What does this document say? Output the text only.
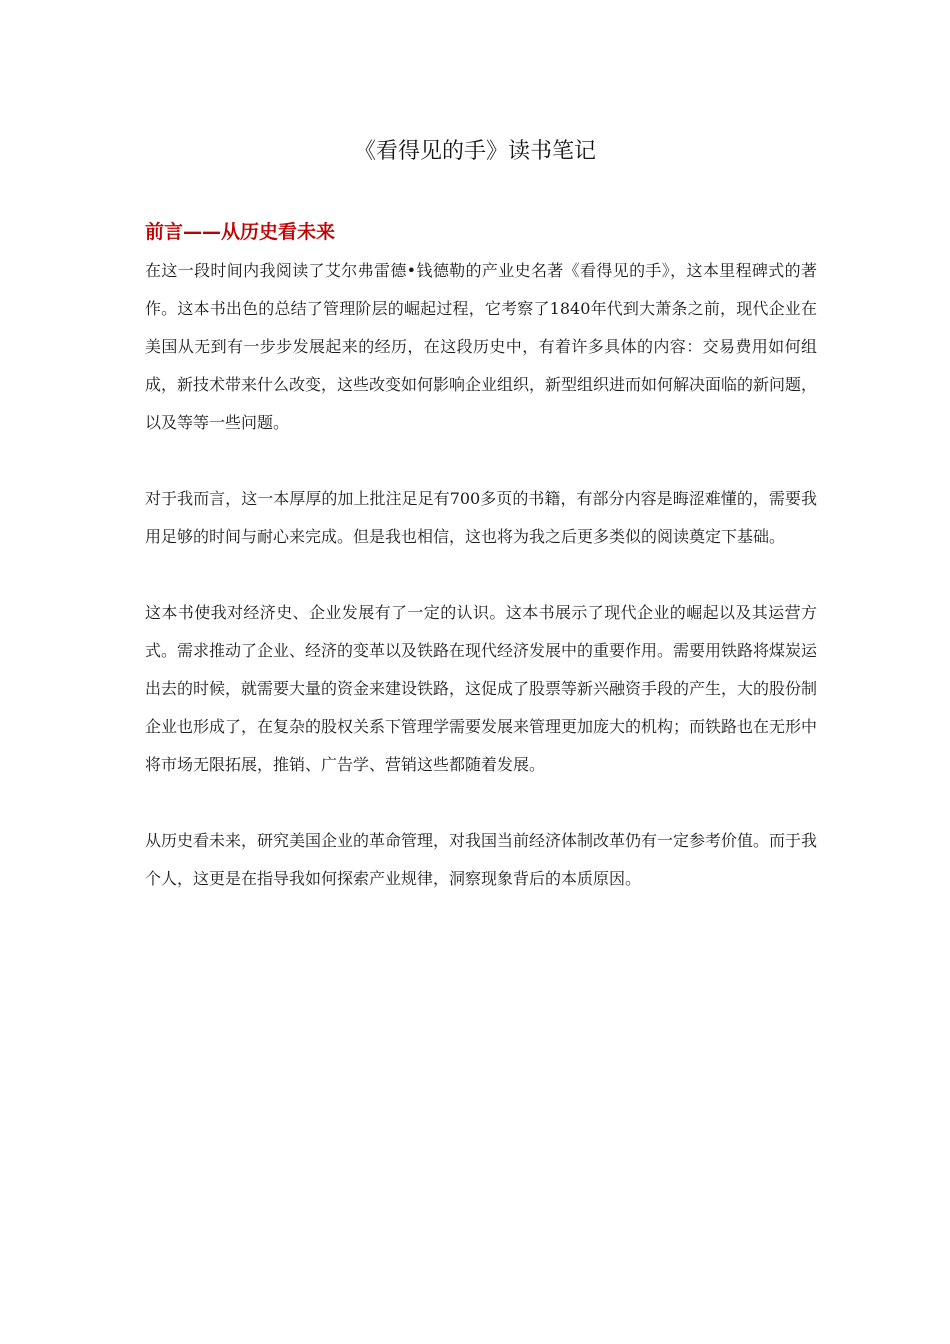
《看得见的手》读书笔记
前言——从历史看未来

在这一段时间内我阅读了艾尔弗雷德•钱德勒的产业史名著《看得见的手》，这本里程碑式的著作。这本书出色的总结了管理阶层的崛起过程，它考察了1840年代到大萧条之前，现代企业在美国从无到有一步步发展起来的经历，在这段历史中，有着许多具体的内容：交易费用如何组成，新技术带来什么改变，这些改变如何影响企业组织，新型组织进而如何解决面临的新问题，以及等等一些问题。

对于我而言，这一本厚厚的加上批注足足有700多页的书籍，有部分内容是晦涩难懂的，需要我用足够的时间与耐心来完成。但是我也相信，这也将为我之后更多类似的阅读奠定下基础。

这本书使我对经济史、企业发展有了一定的认识。这本书展示了现代企业的崛起以及其运营方式。需求推动了企业、经济的变革以及铁路在现代经济发展中的重要作用。需要用铁路将煤炭运出去的时候，就需要大量的资金来建设铁路，这促成了股票等新兴融资手段的产生，大的股份制企业也形成了，在复杂的股权关系下管理学需要发展来管理更加庞大的机构；而铁路也在无形中将市场无限拓展，推销、广告学、营销这些都随着发展。

从历史看未来，研究美国企业的革命管理，对我国当前经济体制改革仍有一定参考价值。而于我个人，这更是在指导我如何探索产业规律，洞察现象背后的本质原因。
